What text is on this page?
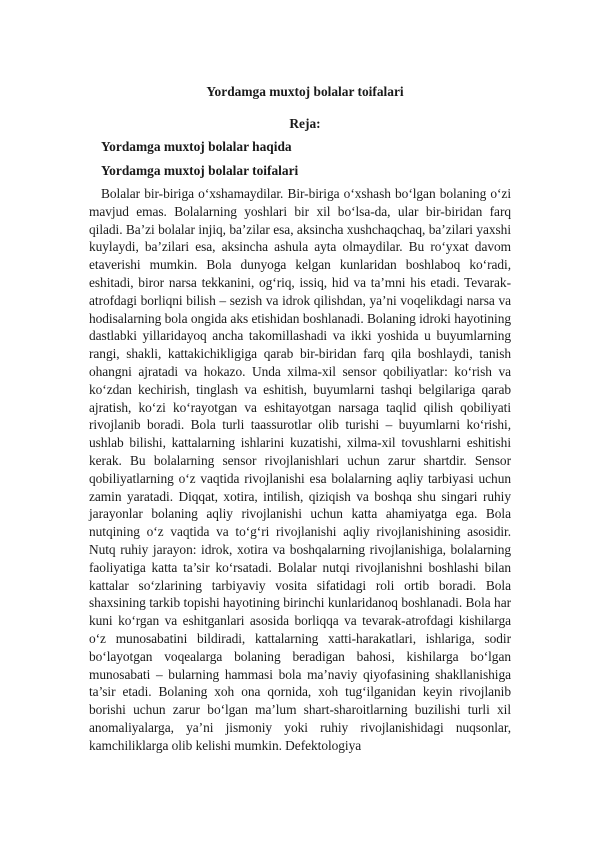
Yordamga muxtoj bolalar toifalari

Reja:

Yordamga muxtoj bolalar haqida

Yordamga muxtoj bolalar toifalari

Bolalar bir-biriga o‘xshamaydilar. Bir-biriga o‘xshash bo‘lgan bolaning o‘zi mavjud emas. Bolalarning yoshlari bir xil bo‘lsa-da, ular bir-biridan farq qiladi. Ba’zi bolalar injiq, ba’zilar esa, aksincha xushchaqchaq, ba’zilari yaxshi kuylaydi, ba’zilari esa, aksincha ashula ayta olmaydilar. Bu ro‘yxat davom etaverishi mumkin. Bola dunyoga kelgan kunlaridan boshlaboq ko‘radi, eshitadi, biror narsa tekkanini, og‘riq, issiq, hid va ta’mni his etadi. Tevarak-atrofdagi borliqni bilish – sezish va idrok qilishdan, ya’ni voqelikdagi narsa va hodisalarning bola ongida aks etishidan boshlanadi. Bolaning idroki hayotining dastlabki yillaridayoq ancha takomillashadi va ikki yoshida u buyumlarning rangi, shakli, kattakichikligiga qarab bir-biridan farq qila boshlaydi, tanish ohangni ajratadi va hokazo. Unda xilma-xil sensor qobiliyatlar: ko‘rish va ko‘zdan kechirish, tinglash va eshitish, buyumlarni tashqi belgilariga qarab ajratish, ko‘zi ko‘rayotgan va eshitayotgan narsaga taqlid qilish qobiliyati rivojlanib boradi. Bola turli taassurotlar olib turishi – buyumlarni ko‘rishi, ushlab bilishi, kattalarning ishlarini kuzatishi, xilma-xil tovushlarni eshitishi kerak. Bu bolalarning sensor rivojlanishlari uchun zarur shartdir. Sensor qobiliyatlarning o‘z vaqtida rivojlanishi esa bolalarning aqliy tarbiyasi uchun zamin yaratadi. Diqqat, xotira, intilish, qiziqish va boshqa shu singari ruhiy jarayonlar bolaning aqliy rivojlanishi uchun katta ahamiyatga ega. Bola nutqining o‘z vaqtida va to‘g‘ri rivojlanishi aqliy rivojlanishining asosidir. Nutq ruhiy jarayon: idrok, xotira va boshqalarning rivojlanishiga, bolalarning faoliyatiga katta ta’sir ko‘rsatadi. Bolalar nutqi rivojlanishni boshlashi bilan kattalar so‘zlarining tarbiyaviy vosita sifatidagi roli ortib boradi. Bola shaxsining tarkib topishi hayotining birinchi kunlaridanoq boshlanadi. Bola har kuni ko‘rgan va eshitganlari asosida borliqqa va tevarak-atrofdagi kishilarga o‘z munosabatini bildiradi, kattalarning xatti-harakatlari, ishlariga, sodir bo‘layotgan voqealarga bolaning beradigan bahosi, kishilarga bo‘lgan munosabati – bularning hammasi bola ma’naviy qiyofasining shakllanishiga ta’sir etadi. Bolaning xoh ona qornida, xoh tug‘ilganidan keyin rivojlanib borishi uchun zarur bo‘lgan ma’lum shart-sharoitlarning buzilishi turli xil anomaliyalarga, ya’ni jismoniy yoki ruhiy rivojlanishidagi nuqsonlar, kamchiliklarga olib kelishi mumkin. Defektologiya
